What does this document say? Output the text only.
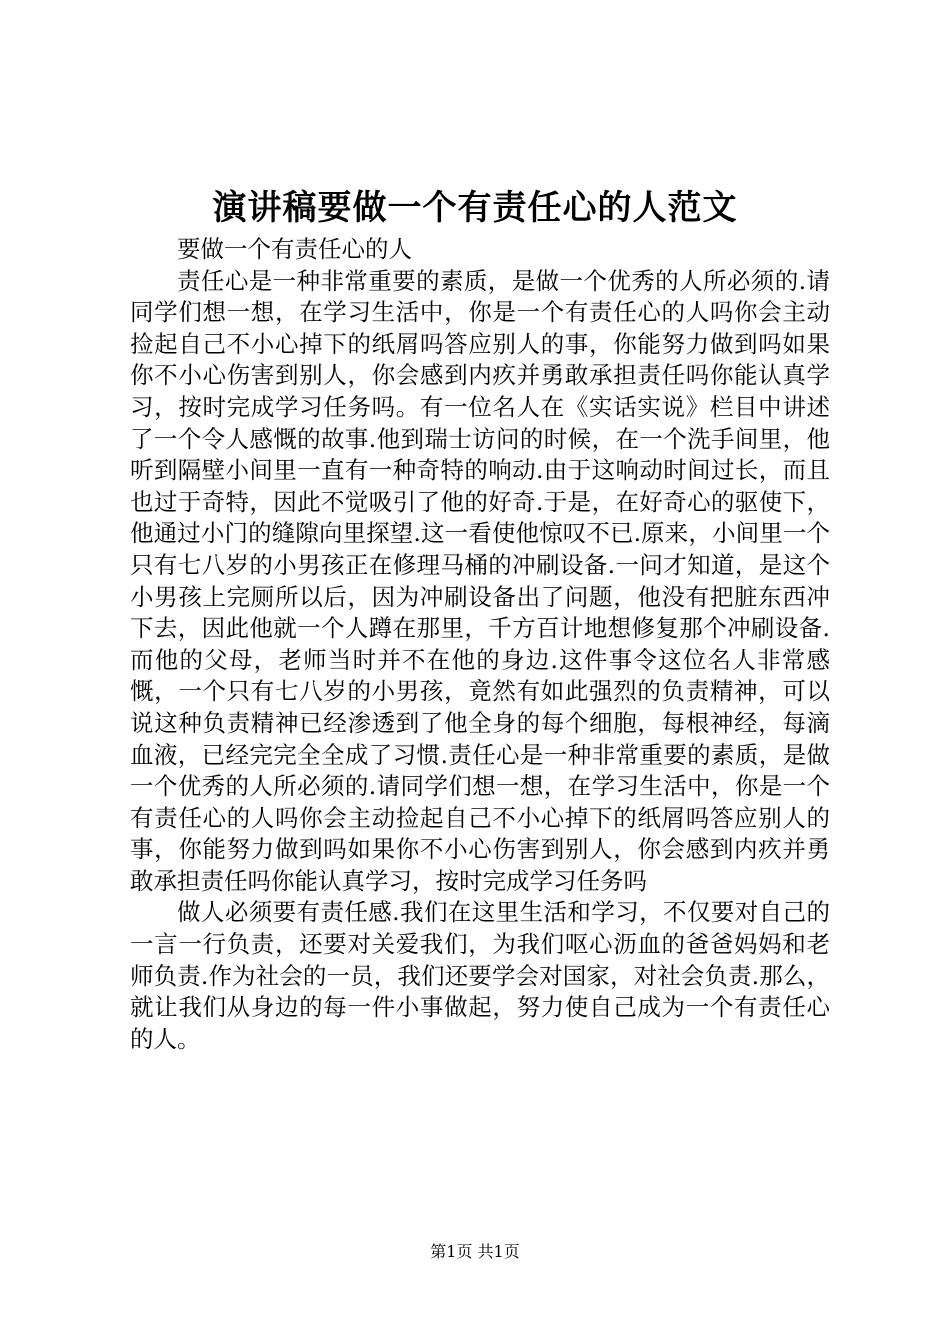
演讲稿要做一个有责任心的人范文

要做一个有责任心的人

责任心是一种非常重要的素质，是做一个优秀的人所必须的.请同学们想一想，在学习生活中，你是一个有责任心的人吗你会主动捡起自己不小心掉下的纸屑吗答应别人的事，你能努力做到吗如果你不小心伤害到别人，你会感到内疚并勇敢承担责任吗你能认真学习，按时完成学习任务吗。有一位名人在《实话实说》栏目中讲述了一个令人感慨的故事.他到瑞士访问的时候，在一个洗手间里，他听到隔壁小间里一直有一种奇特的响动.由于这响动时间过长，而且也过于奇特，因此不觉吸引了他的好奇.于是，在好奇心的驱使下，他通过小门的缝隙向里探望.这一看使他惊叹不已.原来，小间里一个只有七八岁的小男孩正在修理马桶的冲刷设备.一问才知道，是这个小男孩上完厕所以后，因为冲刷设备出了问题，他没有把脏东西冲下去，因此他就一个人蹲在那里，千方百计地想修复那个冲刷设备.而他的父母，老师当时并不在他的身边.这件事令这位名人非常感慨，一个只有七八岁的小男孩，竟然有如此强烈的负责精神，可以说这种负责精神已经渗透到了他全身的每个细胞，每根神经，每滴血液，已经完完全全成了习惯.责任心是一种非常重要的素质，是做一个优秀的人所必须的.请同学们想一想，在学习生活中，你是一个有责任心的人吗你会主动捡起自己不小心掉下的纸屑吗答应别人的事，你能努力做到吗如果你不小心伤害到别人，你会感到内疚并勇敢承担责任吗你能认真学习，按时完成学习任务吗

做人必须要有责任感.我们在这里生活和学习，不仅要对自己的一言一行负责，还要对关爱我们，为我们呕心沥血的爸爸妈妈和老师负责.作为社会的一员，我们还要学会对国家，对社会负责.那么，就让我们从身边的每一件小事做起，努力使自己成为一个有责任心的人。

第1页 共1页
